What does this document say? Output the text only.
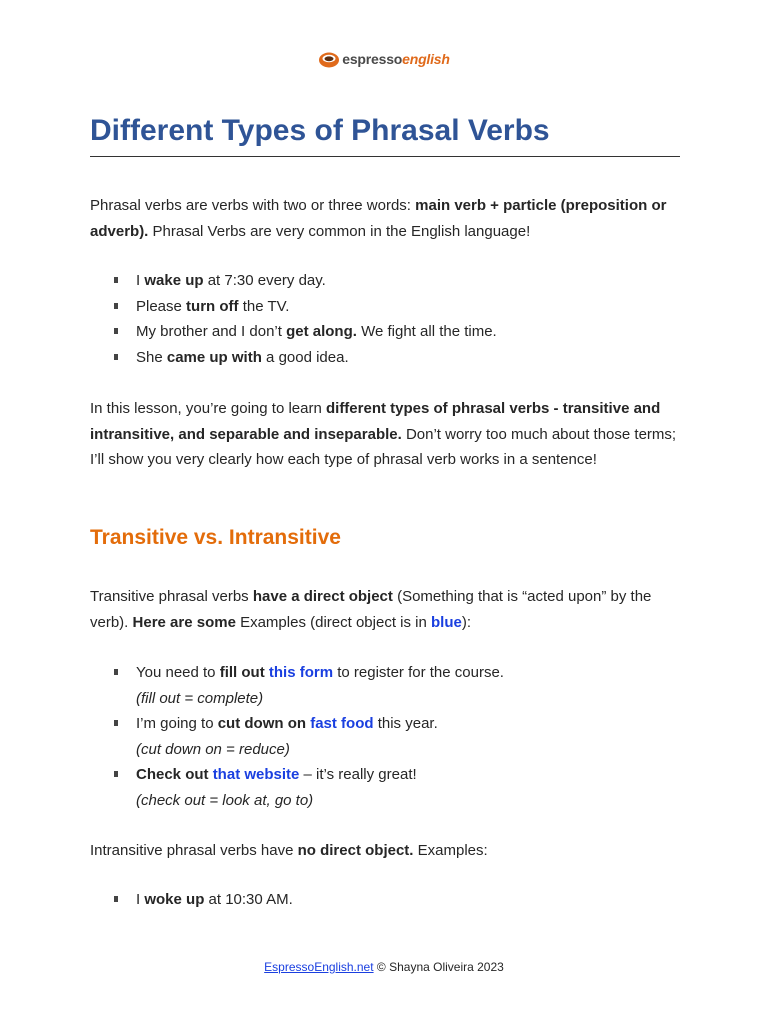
espressoenglish
Different Types of Phrasal Verbs

Phrasal verbs are verbs with two or three words: main verb + particle (preposition or adverb). Phrasal Verbs are very common in the English language!

I wake up at 7:30 every day.
Please turn off the TV.
My brother and I don’t get along. We fight all the time.
She came up with a good idea.

In this lesson, you’re going to learn different types of phrasal verbs - transitive and intransitive, and separable and inseparable. Don’t worry too much about those terms; I’ll show you very clearly how each type of phrasal verb works in a sentence!

Transitive vs. Intransitive

Transitive phrasal verbs have a direct object (Something that is “acted upon” by the verb). Here are some Examples (direct object is in blue):

You need to fill out this form to register for the course.
(fill out = complete)
I’m going to cut down on fast food this year.
(cut down on = reduce)
Check out that website – it’s really great!
(check out = look at, go to)

Intransitive phrasal verbs have no direct object. Examples:

I woke up at 10:30 AM.
EspressoEnglish.net © Shayna Oliveira 2023
